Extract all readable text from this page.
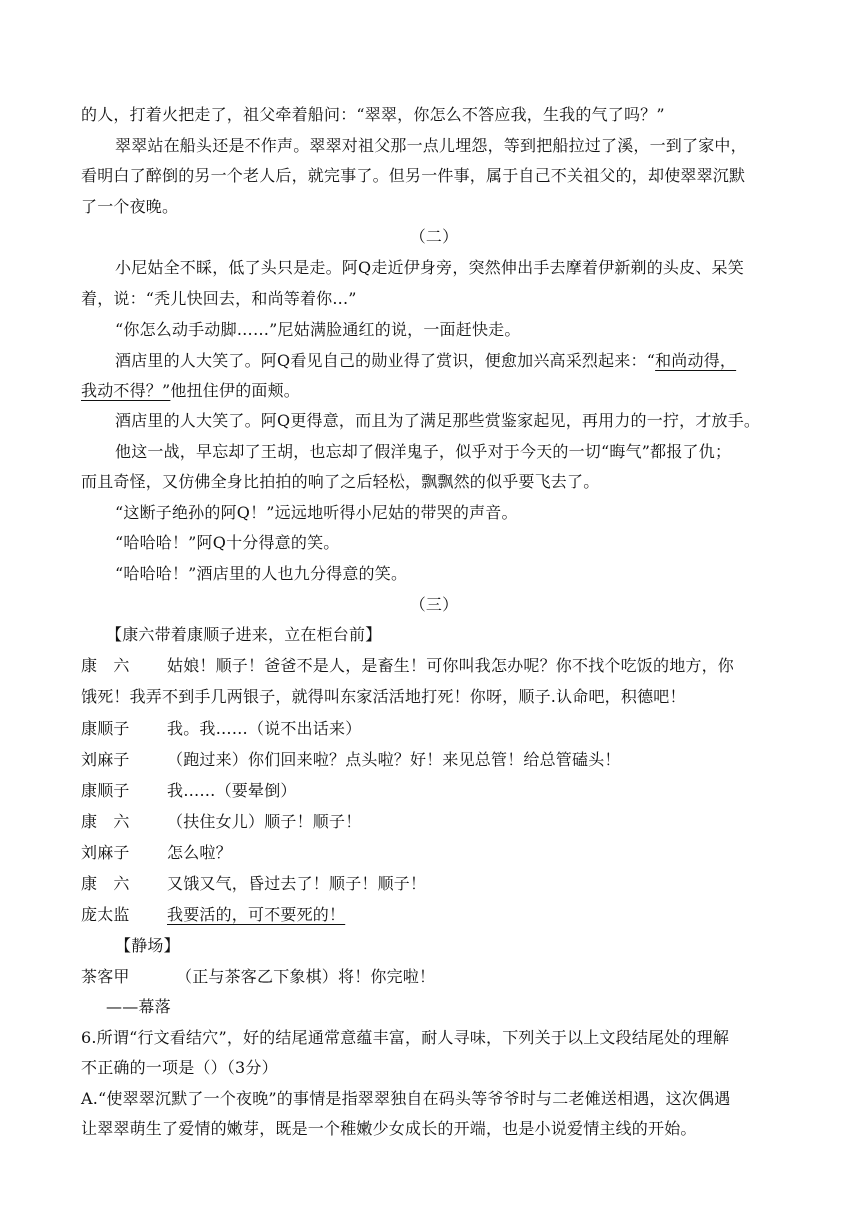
的人，打着火把走了，祖父牵着船问：“翠翠，你怎么不答应我，生我的气了吗？”

翠翠站在船头还是不作声。翠翠对祖父那一点儿埋怨，等到把船拉过了溪，一到了家中，

看明白了醉倒的另一个老人后，就完事了。但另一件事，属于自己不关祖父的，却使翠翠沉默

了一个夜晚。

（二）

小尼姑全不睬，低了头只是走。阿Q走近伊身旁，突然伸出手去摩着伊新剃的头皮、呆笑

着，说：“秃儿快回去，和尚等着你...”

“你怎么动手动脚……”尼姑满脸通红的说，一面赶快走。

酒店里的人大笑了。阿Q看见自己的勋业得了赏识，便愈加兴高采烈起来：“和尚动得，

我动不得？”他扭住伊的面颊。

酒店里的人大笑了。阿Q更得意，而且为了满足那些赏鉴家起见，再用力的一拧，才放手。

他这一战，早忘却了王胡，也忘却了假洋鬼子，似乎对于今天的一切“晦气”都报了仇；

而且奇怪，又仿佛全身比拍拍的响了之后轻松，飘飘然的似乎要飞去了。

“这断子绝孙的阿Q！”远远地听得小尼姑的带哭的声音。

“哈哈哈！”阿Q十分得意的笑。

“哈哈哈！”酒店里的人也九分得意的笑。

（三）

【康六带着康顺子进来，立在柜台前】

康　六 姑娘！顺子！爸爸不是人，是畜生！可你叫我怎办呢？你不找个吃饭的地方，你

饿死！我弄不到手几两银子，就得叫东家活活地打死！你呀，顺子.认命吧，积德吧！

康顺子 我。我……（说不出话来）

刘麻子 （跑过来）你们回来啦？点头啦？好！来见总管！给总管磕头！

康顺子 我……（要晕倒）

康　六 （扶住女儿）顺子！顺子！

刘麻子 怎么啦？

康　六 又饿又气，昏过去了！顺子！顺子！

庞太监 我要活的，可不要死的！

【静场】

茶客甲	（正与茶客乙下象棋）将！你完啦！

——幕落

6.所谓“行文看结穴”，好的结尾通常意蕴丰富，耐人寻味，下列关于以上文段结尾处的理解

不正确的一项是（）（3分）

A.“使翠翠沉默了一个夜晚”的事情是指翠翠独自在码头等爷爷时与二老傩送相遇，这次偶遇

让翠翠萌生了爱情的嫩芽，既是一个稚嫩少女成长的开端，也是小说爱情主线的开始。
